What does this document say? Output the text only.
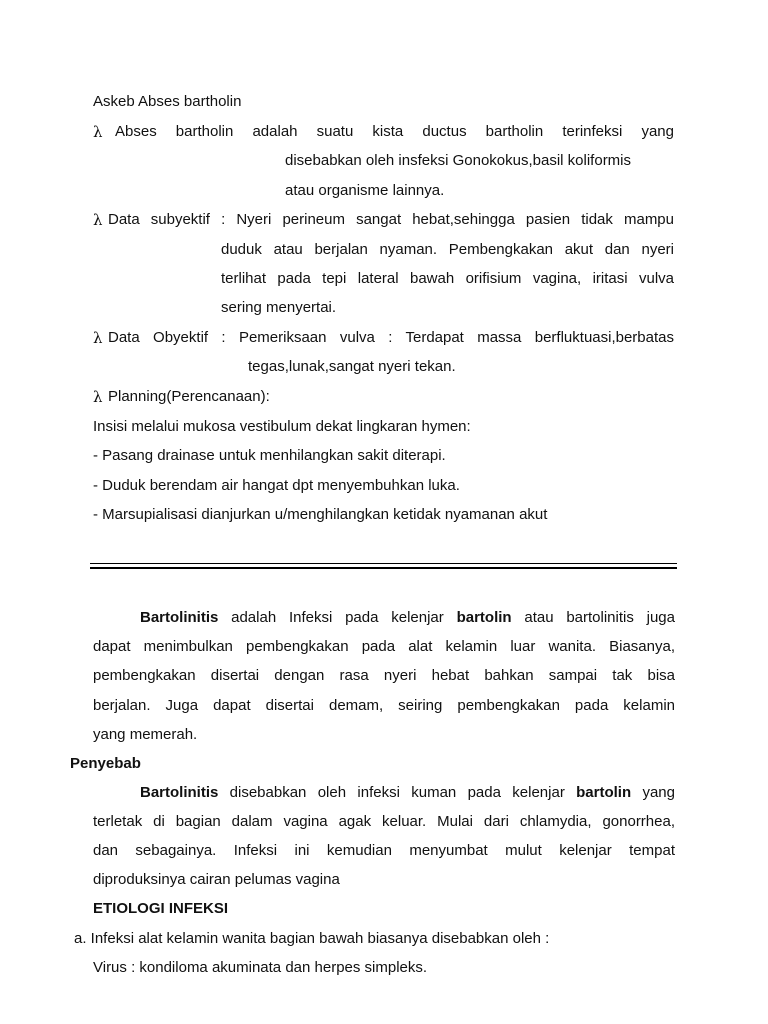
Askeb Abses bartholin
λ Abses bartholin adalah suatu kista ductus bartholin terinfeksi yang
disebabkan oleh insfeksi Gonokokus,basil koliformis
atau organisme lainnya.
λ Data subyektif : Nyeri perineum sangat hebat,sehingga pasien tidak mampu
duduk atau berjalan nyaman. Pembengkakan akut dan nyeri
terlihat pada tepi lateral bawah orifisium vagina, iritasi vulva
sering menyertai.
λ Data Obyektif : Pemeriksaan vulva : Terdapat massa berfluktuasi,berbatas
tegas,lunak,sangat nyeri tekan.
λ Planning(Perencanaan):
Insisi melalui mukosa vestibulum dekat lingkaran hymen:
- Pasang drainase untuk menhilangkan sakit diterapi.
- Duduk berendam air hangat dpt menyembuhkan luka.
- Marsupialisasi dianjurkan u/menghilangkan ketidak nyamanan akut
Bartolinitis adalah Infeksi pada kelenjar bartolin atau bartolinitis juga
dapat menimbulkan pembengkakan pada alat kelamin luar wanita. Biasanya,
pembengkakan disertai dengan rasa nyeri hebat bahkan sampai tak bisa
berjalan. Juga dapat disertai demam, seiring pembengkakan pada kelamin
yang memerah.
Penyebab
Bartolinitis disebabkan oleh infeksi kuman pada kelenjar bartolin yang
terletak di bagian dalam vagina agak keluar. Mulai dari chlamydia, gonorrhea,
dan sebagainya. Infeksi ini kemudian menyumbat mulut kelenjar tempat
diproduksinya cairan pelumas vagina
ETIOLOGI INFEKSI
a. Infeksi alat kelamin wanita bagian bawah biasanya disebabkan oleh :
Virus : kondiloma akuminata dan herpes simpleks.
